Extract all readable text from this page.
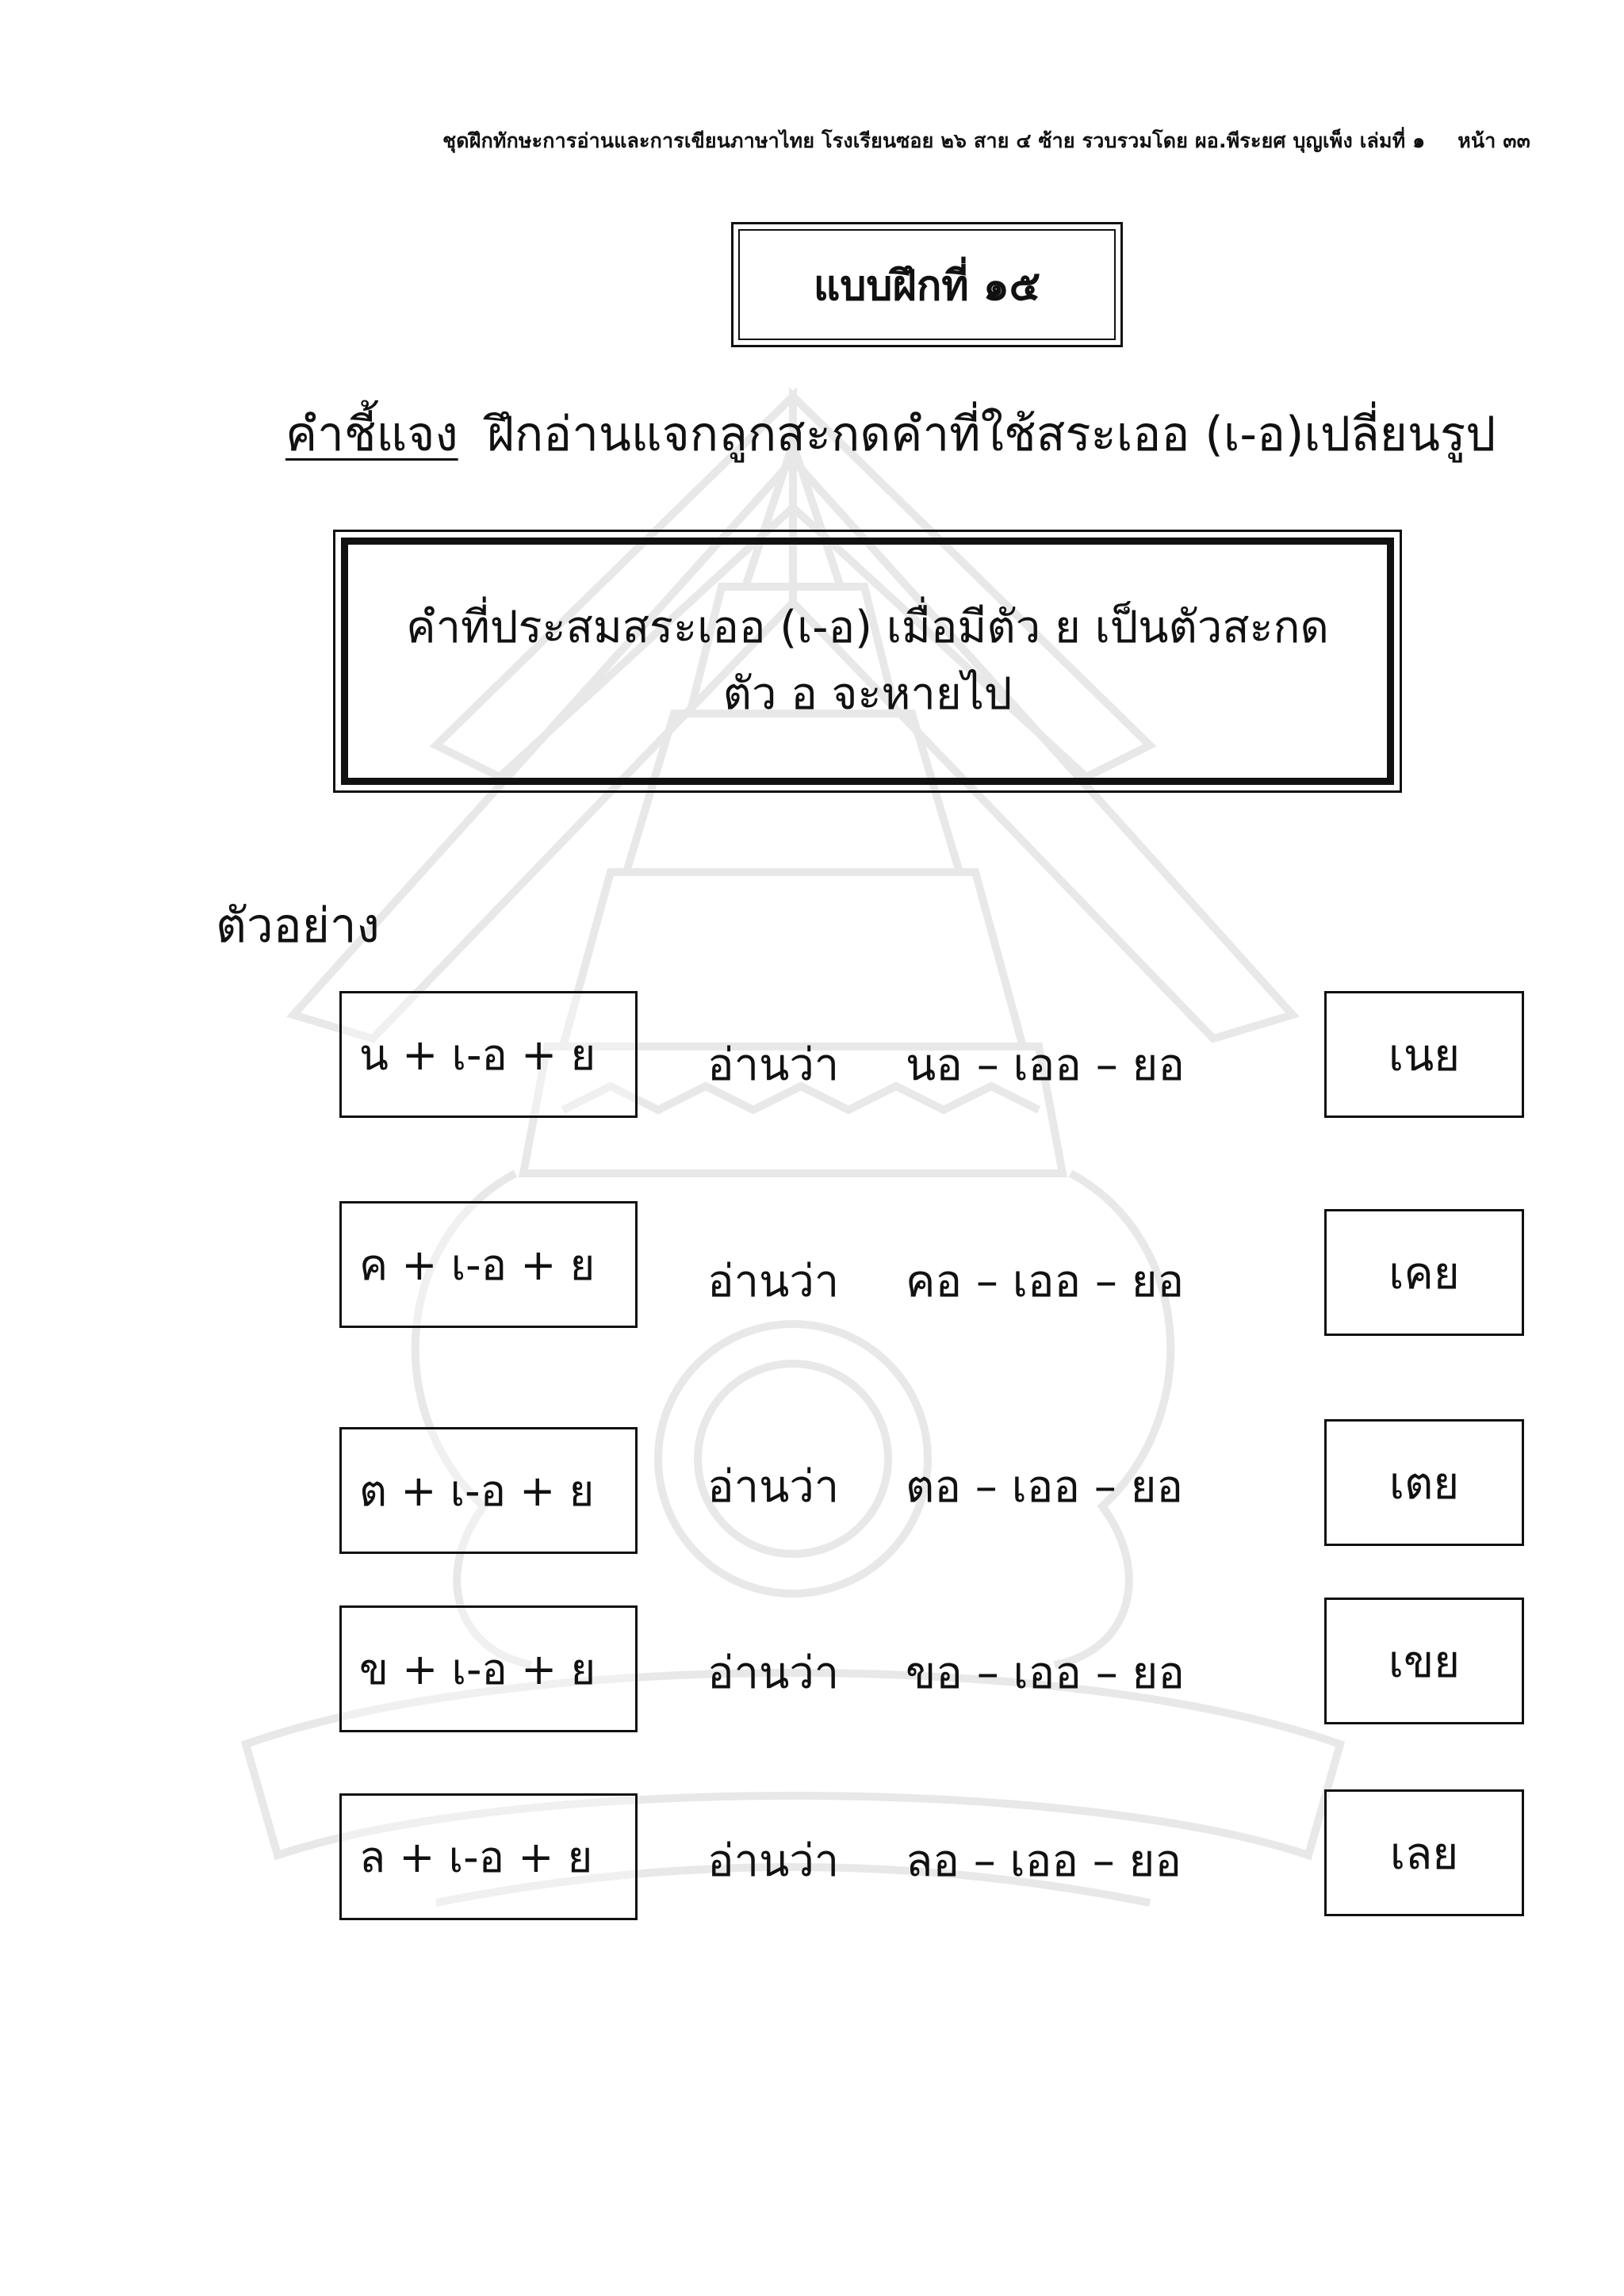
ชุดฝึกทักษะการอ่านและการเขียนภาษาไทย โรงเรียนซอย ๒๖ สาย ๔ ซ้าย รวบรวมโดย ผอ.พีระยศ บุญเพ็ง เล่มที่ ๑ หน้า ๓๓
แบบฝึกที่ ๑๕
คำชี้แจง ฝึกอ่านแจกลูกสะกดคำที่ใช้สระเออ (เ-อ)เปลี่ยนรูป
คำที่ประสมสระเออ (เ-อ) เมื่อมีตัว ย เป็นตัวสะกด
ตัว อ จะหายไป
ตัวอย่าง
น + เ-อ + ย	อ่านว่า นอ – เออ – ยอ	เนย
ค + เ-อ + ย	อ่านว่า คอ – เออ – ยอ	เคย
ต + เ-อ + ย	อ่านว่า ตอ – เออ – ยอ	เตย
ข + เ-อ + ย	อ่านว่า ขอ – เออ – ยอ	เขย
ล + เ-อ + ย	อ่านว่า ลอ – เออ – ยอ	เลย
